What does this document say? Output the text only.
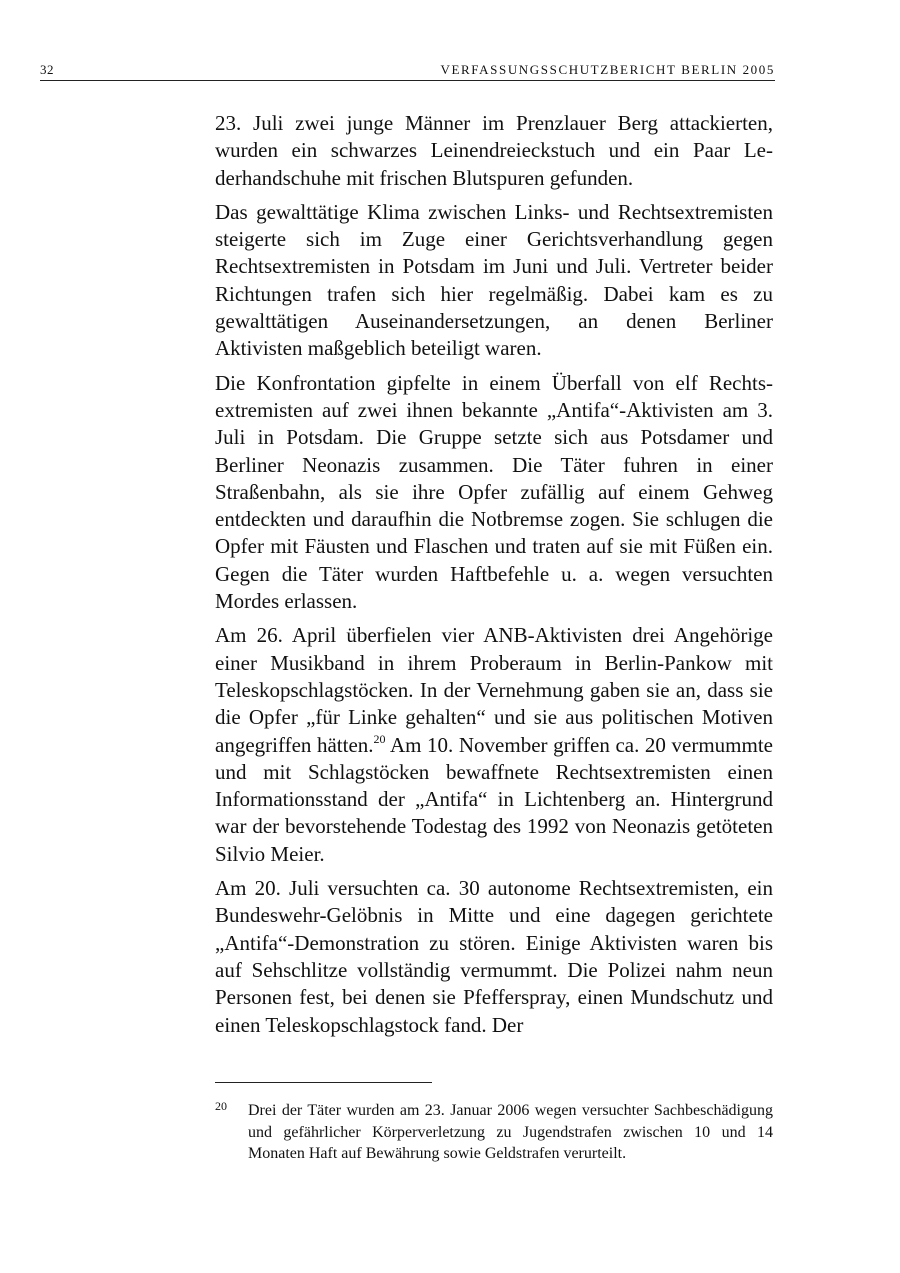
32	VERFASSUNGSSCHUTZBERICHT BERLIN 2005

23. Juli zwei junge Männer im Prenzlauer Berg attackierten, wurden ein schwarzes Leinendreieckstuch und ein Paar Lederhandschuhe mit frischen Blutspuren gefunden.

Das gewalttätige Klima zwischen Links- und Rechtsextremisten steigerte sich im Zuge einer Gerichtsverhandlung gegen Rechtsextremisten in Potsdam im Juni und Juli. Vertreter beider Richtungen trafen sich hier regelmäßig. Dabei kam es zu gewalttätigen Auseinandersetzungen, an denen Berliner Aktivisten maßgeblich beteiligt waren.

Die Konfrontation gipfelte in einem Überfall von elf Rechtsextremisten auf zwei ihnen bekannte „Antifa“-Aktivisten am 3. Juli in Potsdam. Die Gruppe setzte sich aus Potsdamer und Berliner Neonazis zusammen. Die Täter fuhren in einer Straßenbahn, als sie ihre Opfer zufällig auf einem Gehweg entdeckten und daraufhin die Notbremse zogen. Sie schlugen die Opfer mit Fäusten und Flaschen und traten auf sie mit Füßen ein. Gegen die Täter wurden Haftbefehle u. a. wegen versuchten Mordes erlassen.

Am 26. April überfielen vier ANB-Aktivisten drei Angehörige einer Musikband in ihrem Proberaum in Berlin-Pankow mit Teleskopschlagstöcken. In der Vernehmung gaben sie an, dass sie die Opfer „für Linke gehalten“ und sie aus politischen Motiven angegriffen hätten.$^{20}$ Am 10. November griffen ca. 20 vermummte und mit Schlagstöcken bewaffnete Rechtsextremisten einen Informationsstand der „Antifa“ in Lichtenberg an. Hintergrund war der bevorstehende Todestag des 1992 von Neonazis getöteten Silvio Meier.

Am 20. Juli versuchten ca. 30 autonome Rechtsextremisten, ein Bundeswehr-Gelöbnis in Mitte und eine dagegen gerichtete „Antifa“-Demonstration zu stören. Einige Aktivisten waren bis auf Sehschlitze vollständig vermummt. Die Polizei nahm neun Personen fest, bei denen sie Pfefferspray, einen Mundschutz und einen Teleskopschlagstock fand. Der

20 Drei der Täter wurden am 23. Januar 2006 wegen versuchter Sachbeschädigung und gefährlicher Körperverletzung zu Jugendstrafen zwischen 10 und 14 Monaten Haft auf Bewährung sowie Geldstrafen verurteilt.
